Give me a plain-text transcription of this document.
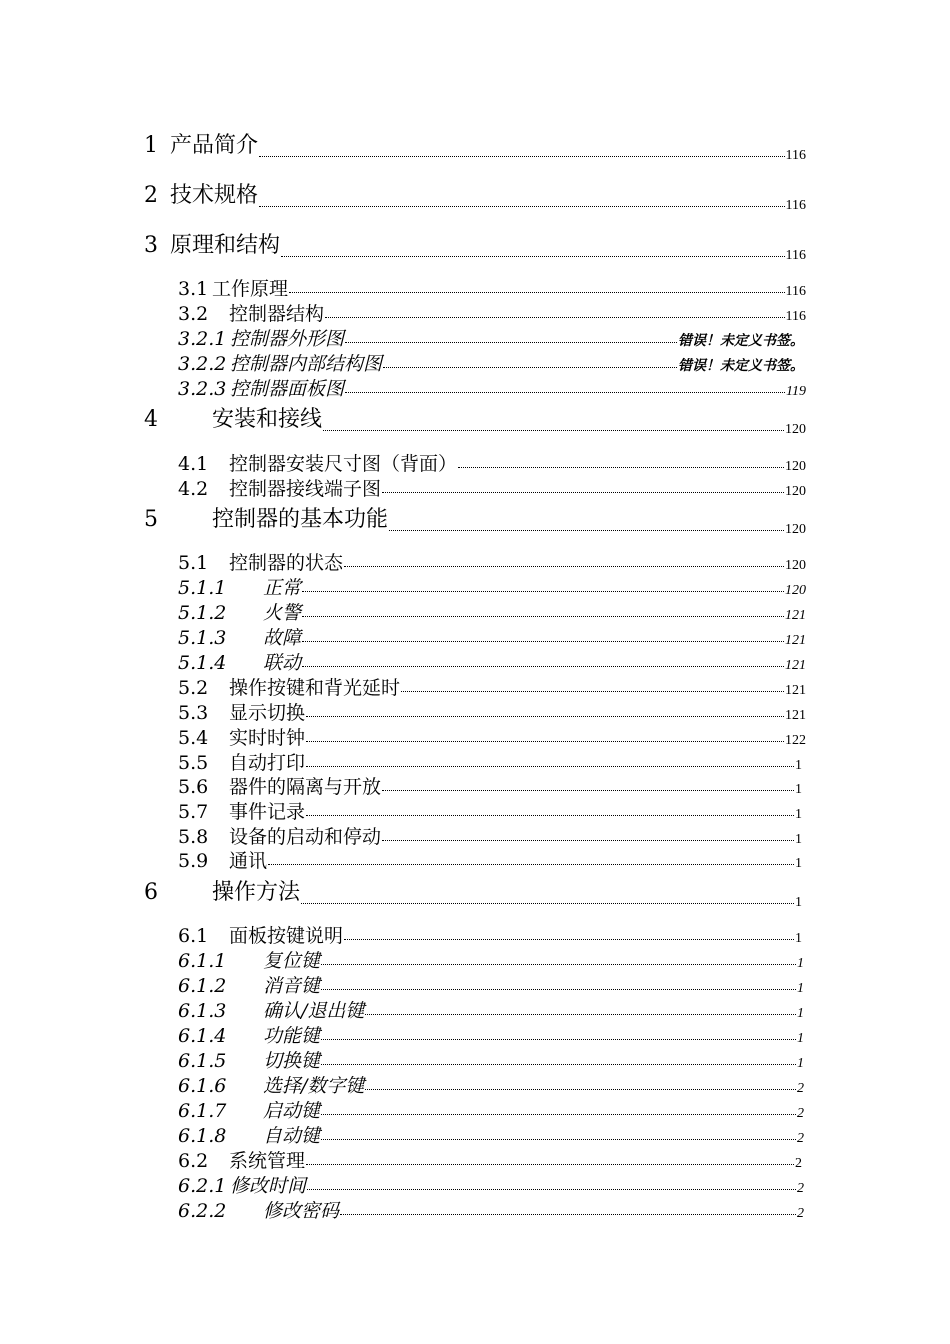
1 产品简介	116
2 技术规格	116
3 原理和结构	116
3.1 工作原理	116
3.2	控制器结构	116
3.2.1 控制器外形图	错误！未定义书签。
3.2.2 控制器内部结构图	错误！未定义书签。
3.2.3 控制器面板图	119
4	安装和接线	120
4.1	控制器安装尺寸图（背面）	120
4.2	控制器接线端子图	120
5	控制器的基本功能	120
5.1	控制器的状态	120
5.1.1	正常	120
5.1.2	火警	121
5.1.3	故障	121
5.1.4	联动	121
5.2	操作按键和背光延时	121
5.3	显示切换	121
5.4	实时时钟	122
5.5	自动打印	1
5.6	器件的隔离与开放	1
5.7	事件记录	1
5.8	设备的启动和停动	1
5.9	通讯	1
6	操作方法	1
6.1	面板按键说明	1
6.1.1	复位键	1
6.1.2	消音键	1
6.1.3	确认/退出键	1
6.1.4	功能键	1
6.1.5	切换键	1
6.1.6	选择/数字键	2
6.1.7	启动键	2
6.1.8	自动键	2
6.2	系统管理	2
6.2.1 修改时间	2
6.2.2	修改密码	2
